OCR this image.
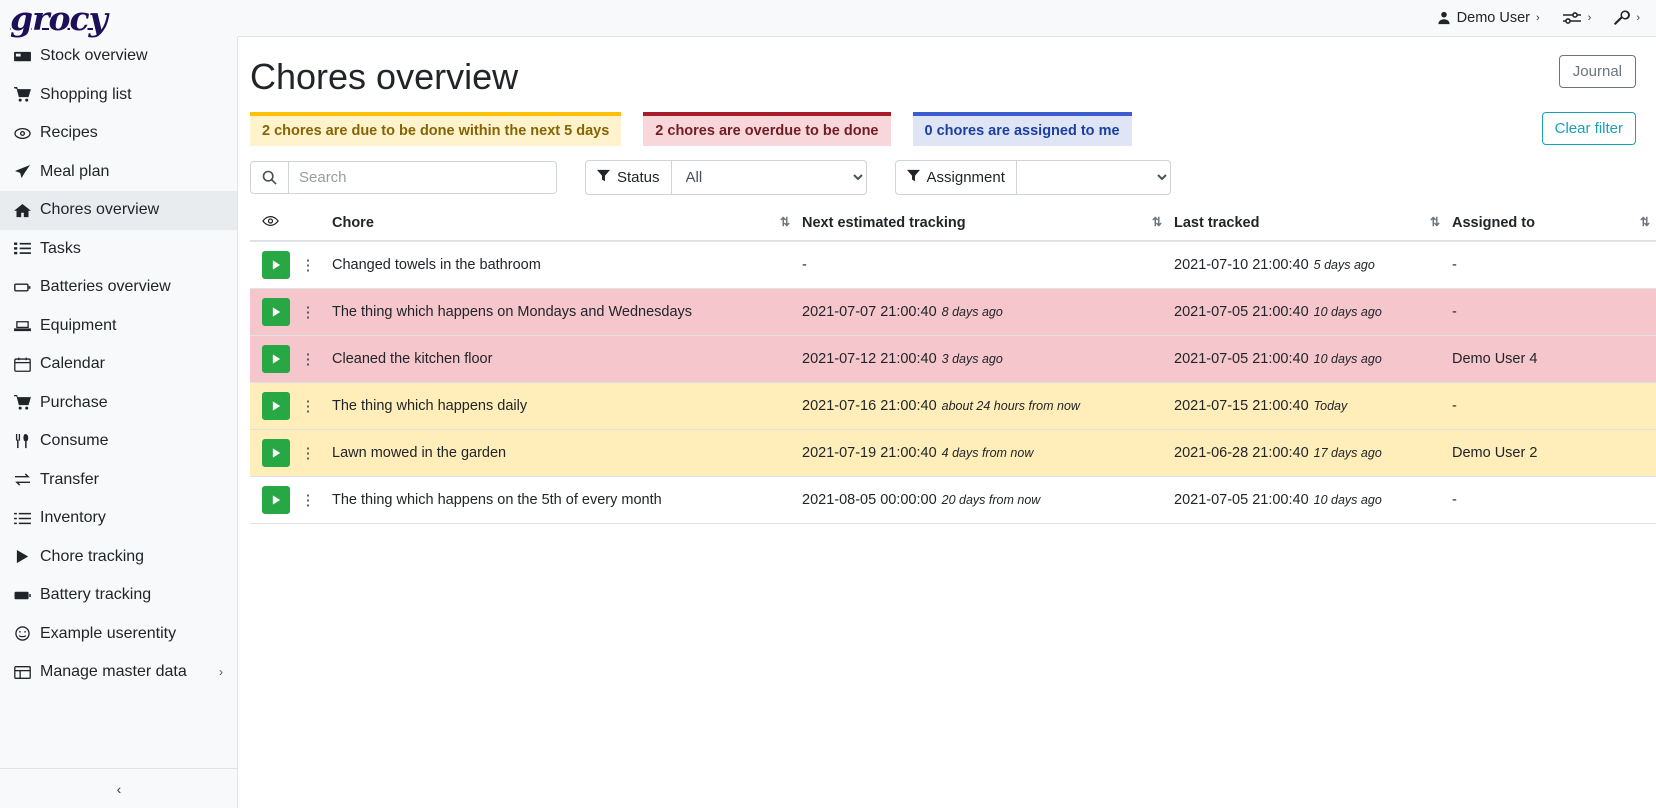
grocy	Demo User ›	›	›
Stock overview
Shopping list
Recipes
Meal plan
Chores overview
Tasks
Batteries overview
Equipment
Calendar
Purchase
Consume
Transfer
Inventory
Chore tracking
Battery tracking
Example userentity
Manage master data	›
‹
Chores overview	Journal
2 chores are due to be done within the next 5 days	2 chores are overdue to be done	0 chores are assigned to me	Clear filter
Search
Status
All	Assignment
	Chore ⇅	Next estimated tracking ⇅	Last tracked ⇅	Assigned to ⇅

⋮	Changed towels in the bathroom	-	2021-07-10 21:00:40 5 days ago	-

⋮	The thing which happens on Mondays and Wednesdays	2021-07-07 21:00:40 8 days ago	2021-07-05 21:00:40 10 days ago	-

⋮	Cleaned the kitchen floor	2021-07-12 21:00:40 3 days ago	2021-07-05 21:00:40 10 days ago	Demo User 4

⋮	The thing which happens daily	2021-07-16 21:00:40 about 24 hours from now	2021-07-15 21:00:40 Today	-

⋮	Lawn mowed in the garden	2021-07-19 21:00:40 4 days from now	2021-06-28 21:00:40 17 days ago	Demo User 2

⋮	The thing which happens on the 5th of every month	2021-08-05 00:00:00 20 days from now	2021-07-05 21:00:40 10 days ago	-
